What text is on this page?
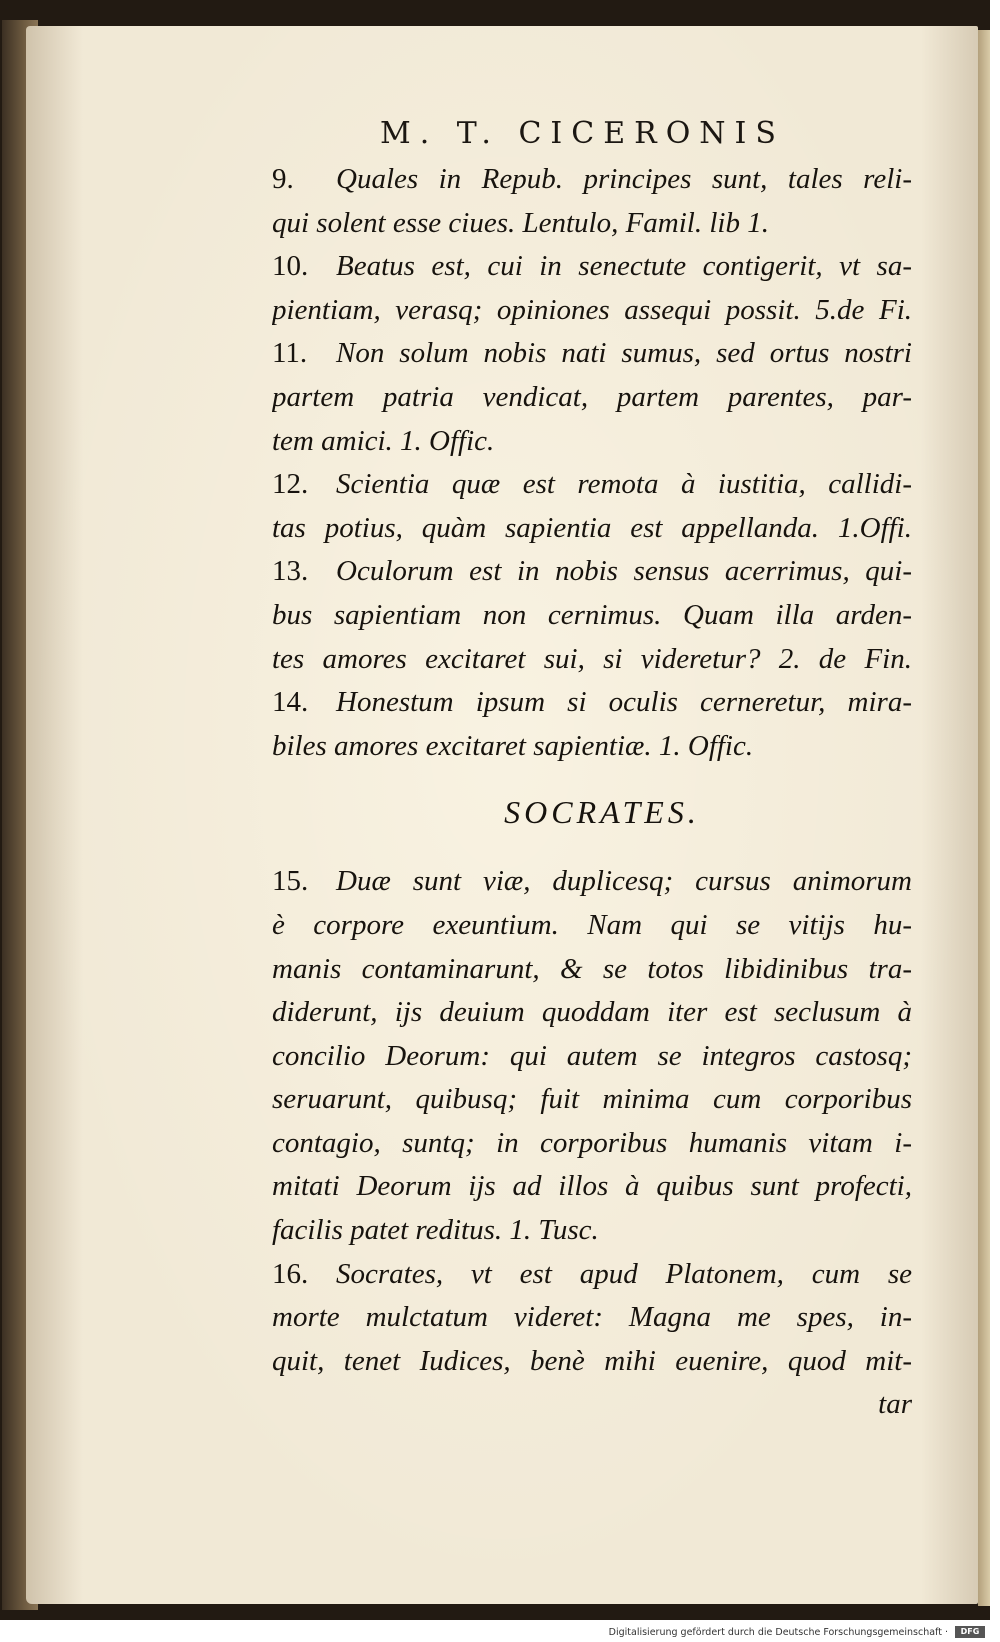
M. T. CICERONIS
9. Quales in Repub. principes sunt, tales reli-
qui solent esse ciues. Lentulo, Famil. lib 1.
10. Beatus est, cui in senectute contigerit, vt sa-
pientiam, verasq; opiniones assequi possit. 5.de Fi.
11. Non solum nobis nati sumus, sed ortus nostri
partem patria vendicat, partem parentes, par-
tem amici. 1. Offic.
12. Scientia quæ est remota à iustitia, callidi-
tas potius, quàm sapientia est appellanda. 1.Offi.
13. Oculorum est in nobis sensus acerrimus, qui-
bus sapientiam non cernimus. Quam illa arden-
tes amores excitaret sui, si videretur? 2. de Fin.
14. Honestum ipsum si oculis cerneretur, mira-
biles amores excitaret sapientiæ. 1. Offic.
SOCRATES.
15. Duæ sunt viæ, duplicesq; cursus animorum
è corpore exeuntium. Nam qui se vitijs hu-
manis contaminarunt, & se totos libidinibus tra-
diderunt, ijs deuium quoddam iter est seclusum à
concilio Deorum: qui autem se integros castosq;
seruarunt, quibusq; fuit minima cum corporibus
contagio, suntq; in corporibus humanis vitam i-
mitati Deorum ijs ad illos à quibus sunt profecti,
facilis patet reditus. 1. Tusc.
16. Socrates, vt est apud Platonem, cum se
morte mulctatum videret: Magna me spes, in-
quit, tenet Iudices, benè mihi euenire, quod mit-
tar
Digitalisierung gefördert durch die Deutsche Forschungsgemeinschaft ·	DFG
